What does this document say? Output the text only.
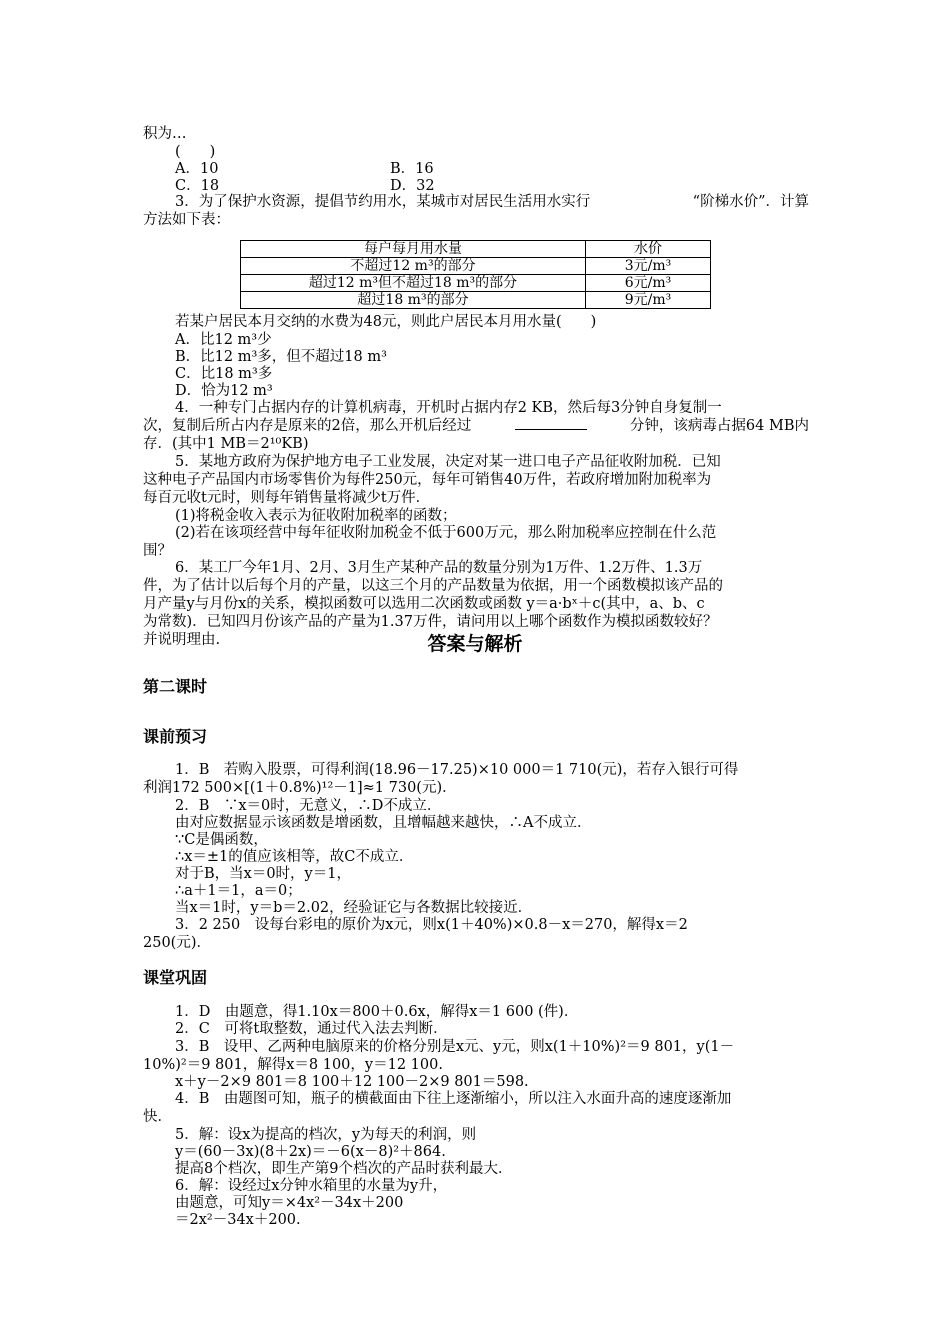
积为…
(　　)
A．10	B．16
C．18	D．32
3．为了保护水资源，提倡节约用水，某城市对居民生活用水实行	“阶梯水价”．计算
方法如下表：
每户每月用水量	水价
不超过12 m³的部分	3元/m³
超过12 m³但不超过18 m³的部分	6元/m³
超过18 m³的部分	9元/m³
若某户居民本月交纳的水费为48元，则此户居民本月用水量(　　)
A．比12 m³少
B．比12 m³多，但不超过18 m³
C．比18 m³多
D．恰为12 m³
4．一种专门占据内存的计算机病毒，开机时占据内存2 KB，然后每3分钟自身复制一
次，复制后所占内存是原来的2倍，那么开机后经过	分钟，该病毒占据64 MB内
存．(其中1 MB＝2¹⁰KB)
5．某地方政府为保护地方电子工业发展，决定对某一进口电子产品征收附加税．已知
这种电子产品国内市场零售价为每件250元，每年可销售40万件，若政府增加附加税率为
每百元收t元时，则每年销售量将减少t万件．
(1)将税金收入表示为征收附加税率的函数；
(2)若在该项经营中每年征收附加税金不低于600万元，那么附加税率应控制在什么范
围？
6．某工厂今年1月、2月、3月生产某种产品的数量分别为1万件、1.2万件、1.3万
件，为了估计以后每个月的产量，以这三个月的产品数量为依据，用一个函数模拟该产品的
月产量y与月份x的关系，模拟函数可以选用二次函数或函数 y＝a·bˣ＋c(其中，a、b、c
为常数)．已知四月份该产品的产量为1.37万件，请问用以上哪个函数作为模拟函数较好？
并说明理由.	答案与解析
第二课时
课前预习
1．B　若购入股票，可得利润(18.96－17.25)×10 000＝1 710(元)，若存入银行可得
利润172 500×[(1＋0.8%)¹²－1]≈1 730(元)．
2．B　∵x＝0时，无意义，∴D不成立．
由对应数据显示该函数是增函数，且增幅越来越快，∴A不成立．
∵C是偶函数，
∴x＝±1的值应该相等，故C不成立．
对于B，当x＝0时，y＝1，
∴a＋1＝1，a＝0；
当x＝1时，y＝b＝2.02，经验证它与各数据比较接近．
3．2 250　设每台彩电的原价为x元，则x(1＋40%)×0.8－x＝270，解得x＝2
250(元)．
课堂巩固
1．D　由题意，得1.10x＝800＋0.6x，解得x＝1 600 (件)．
2．C　可将t取整数，通过代入法去判断．
3．B　设甲、乙两种电脑原来的价格分别是x元、y元，则x(1＋10%)²＝9 801，y(1－
10%)²＝9 801，解得x＝8 100，y＝12 100.
x＋y－2×9 801＝8 100＋12 100－2×9 801＝598.
4．B　由题图可知，瓶子的横截面由下往上逐渐缩小，所以注入水面升高的速度逐渐加
快．
5．解：设x为提高的档次，y为每天的利润，则
y＝(60－3x)(8＋2x)＝－6(x－8)²＋864.
提高8个档次，即生产第9个档次的产品时获利最大．
6．解：设经过x分钟水箱里的水量为y升，
由题意，可知y＝×4x²－34x＋200
＝2x²－34x＋200.
